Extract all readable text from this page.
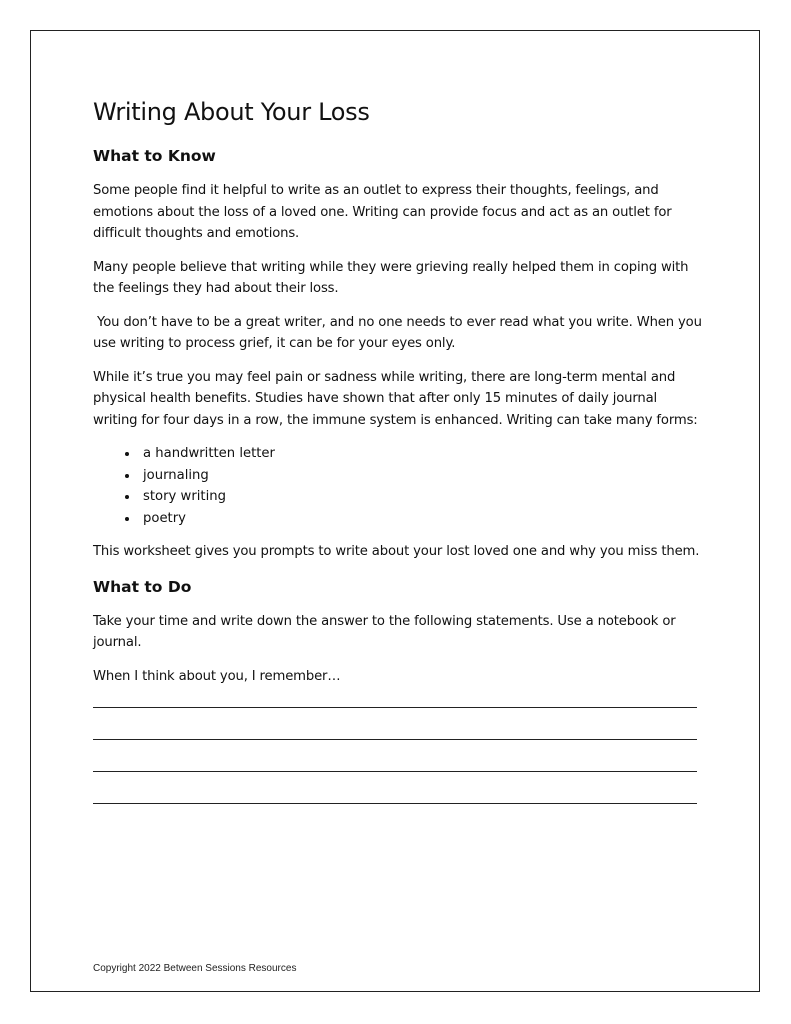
Writing About Your Loss
What to Know

Some people find it helpful to write as an outlet to express their thoughts, feelings, and emotions about the loss of a loved one. Writing can provide focus and act as an outlet for difficult thoughts and emotions.

Many people believe that writing while they were grieving really helped them in coping with the feelings they had about their loss.

You don’t have to be a great writer, and no one needs to ever read what you write. When you use writing to process grief, it can be for your eyes only.

While it’s true you may feel pain or sadness while writing, there are long-term mental and physical health benefits. Studies have shown that after only 15 minutes of daily journal writing for four days in a row, the immune system is enhanced. Writing can take many forms:

• a handwritten letter
• journaling
• story writing
• poetry

This worksheet gives you prompts to write about your lost loved one and why you miss them.

What to Do

Take your time and write down the answer to the following statements. Use a notebook or journal.

When I think about you, I remember…

Copyright 2022 Between Sessions Resources
